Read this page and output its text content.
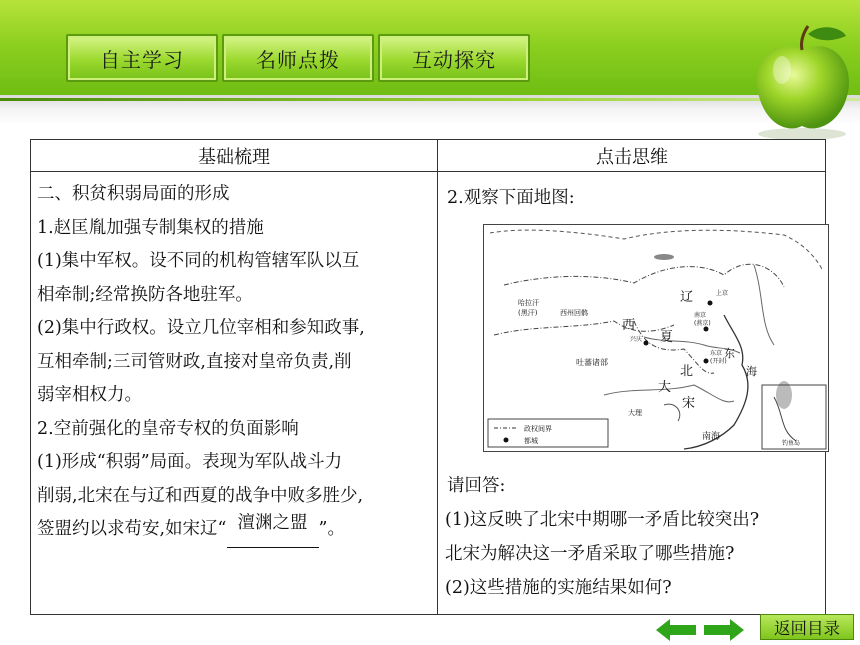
自主学习	名师点拨	互动探究
基础梳理	点击思维

二、积贫积弱局面的形成

1.赵匡胤加强专制集权的措施

(1)集中军权。设不同的机构管辖军队以互

相牵制;经常换防各地驻军。

(2)集中行政权。设立几位宰相和参知政事,

互相牵制;三司管财政,直接对皇帝负责,削

弱宰相权力。

2.空前强化的皇帝专权的负面影响

(1)形成“积弱”局面。表现为军队战斗力

削弱,北宋在与辽和西夏的战争中败多胜少,

签盟约以求苟安,如宋辽“ 澶渊之盟 ”。

2.观察下面地图:
政权间界
都城
辽
西
夏
北
大
宋
东
海
南海
哈拉汗
(黑汗)	西州回鹘
吐蕃诸部
大理
上京
南京
(燕京)
兴庆
东京
(开封)
钓鱼岛
请回答:
(1)这反映了北宋中期哪一矛盾比较突出?
北宋为解决这一矛盾采取了哪些措施?
(2)这些措施的实施结果如何?
返回目录
